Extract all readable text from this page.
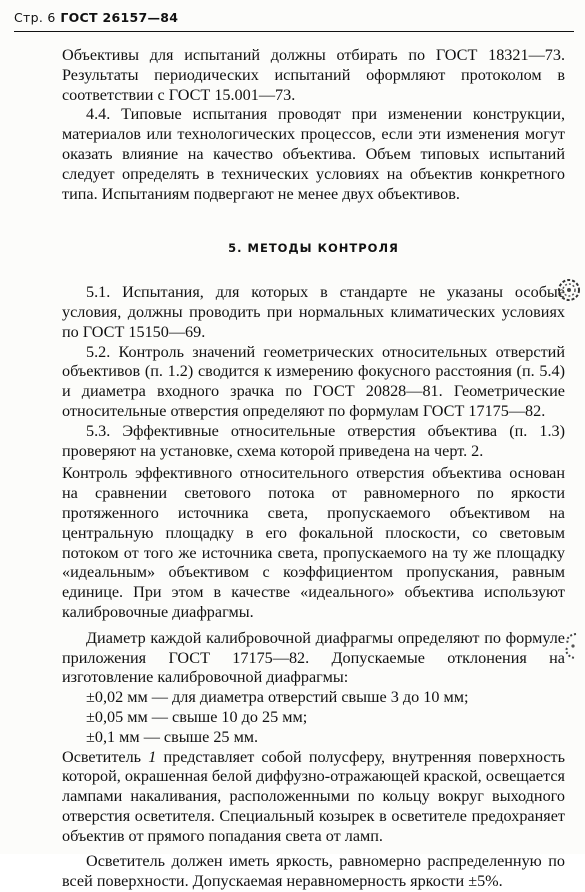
Стр. 6 ГОСТ 26157—84

Объективы для испытаний должны отбирать по ГОСТ 18321—73. Результаты периодических испытаний оформляют протоколом в соответствии с ГОСТ 15.001—73.

4.4. Типовые испытания проводят при изменении конструкции, материалов или технологических процессов, если эти изменения могут оказать влияние на качество объектива. Объем типовых испытаний следует определять в технических условиях на объектив конкретного типа. Испытаниям подвергают не менее двух объективов.

5. МЕТОДЫ КОНТРОЛЯ

5.1. Испытания, для которых в стандарте не указаны особые условия, должны проводить при нормальных климатических условиях по ГОСТ 15150—69.

5.2. Контроль значений геометрических относительных отверстий объективов (п. 1.2) сводится к измерению фокусного расстояния (п. 5.4) и диаметра входного зрачка по ГОСТ 20828—81. Геометрические относительные отверстия определяют по формулам ГОСТ 17175—82.

5.3. Эффективные относительные отверстия объектива (п. 1.3) проверяют на установке, схема которой приведена на черт. 2.

Контроль эффективного относительного отверстия объектива основан на сравнении светового потока от равномерного по яркости протяженного источника света, пропускаемого объективом на центральную площадку в его фокальной плоскости, со световым потоком от того же источника света, пропускаемого на ту же площадку «идеальным» объективом с коэффициентом пропускания, равным единице. При этом в качестве «идеального» объектива используют калибровочные диафрагмы.

Диаметр каждой калибровочной диафрагмы определяют по формуле приложения ГОСТ 17175—82. Допускаемые отклонения на изготовление калибровочной диафрагмы:

±0,02 мм — для диаметра отверстий свыше 3 до 10 мм;

±0,05 мм — свыше 10 до 25 мм;

±0,1 мм — свыше 25 мм.

Осветитель 1 представляет собой полусферу, внутренняя поверхность которой, окрашенная белой диффузно-отражающей краской, освещается лампами накаливания, расположенными по кольцу вокруг выходного отверстия осветителя. Специальный козырек в осветителе предохраняет объектив от прямого попадания света от ламп.

Осветитель должен иметь яркость, равномерно распределенную по всей поверхности. Допускаемая неравномерность яркости ±5%.
